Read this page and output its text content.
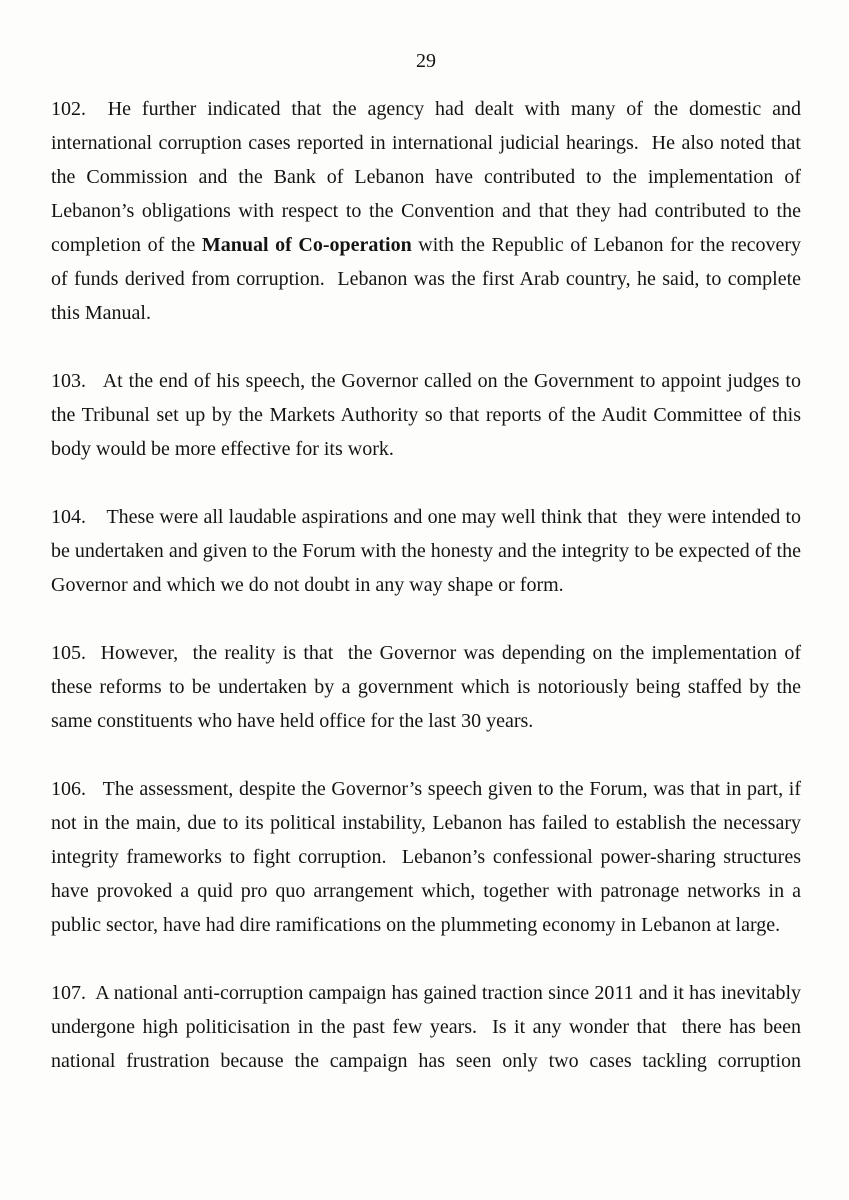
29

102.  He further indicated that the agency had dealt with many of the domestic and international corruption cases reported in international judicial hearings.  He also noted that the Commission and the Bank of Lebanon have contributed to the implementation of Lebanon’s obligations with respect to the Convention and that they had contributed to the completion of the Manual of Co-operation with the Republic of Lebanon for the recovery of funds derived from corruption.  Lebanon was the first Arab country, he said, to complete this Manual.

103.   At the end of his speech, the Governor called on the Government to appoint judges to the Tribunal set up by the Markets Authority so that reports of the Audit Committee of this body would be more effective for its work.

104.    These were all laudable aspirations and one may well think that  they were intended to be undertaken and given to the Forum with the honesty and the integrity to be expected of the Governor and which we do not doubt in any way shape or form.

105.  However,  the reality is that  the Governor was depending on the implementation of these reforms to be undertaken by a government which is notoriously being staffed by the same constituents who have held office for the last 30 years.

106.   The assessment, despite the Governor’s speech given to the Forum, was that in part, if not in the main, due to its political instability, Lebanon has failed to establish the necessary integrity frameworks to fight corruption.  Lebanon’s confessional power-sharing structures have provoked a quid pro quo arrangement which, together with patronage networks in a public sector, have had dire ramifications on the plummeting economy in Lebanon at large.

107.  A national anti-corruption campaign has gained traction since 2011 and it has inevitably undergone high politicisation in the past few years.  Is it any wonder that  there has been national frustration because the campaign has seen only two cases tackling corruption
